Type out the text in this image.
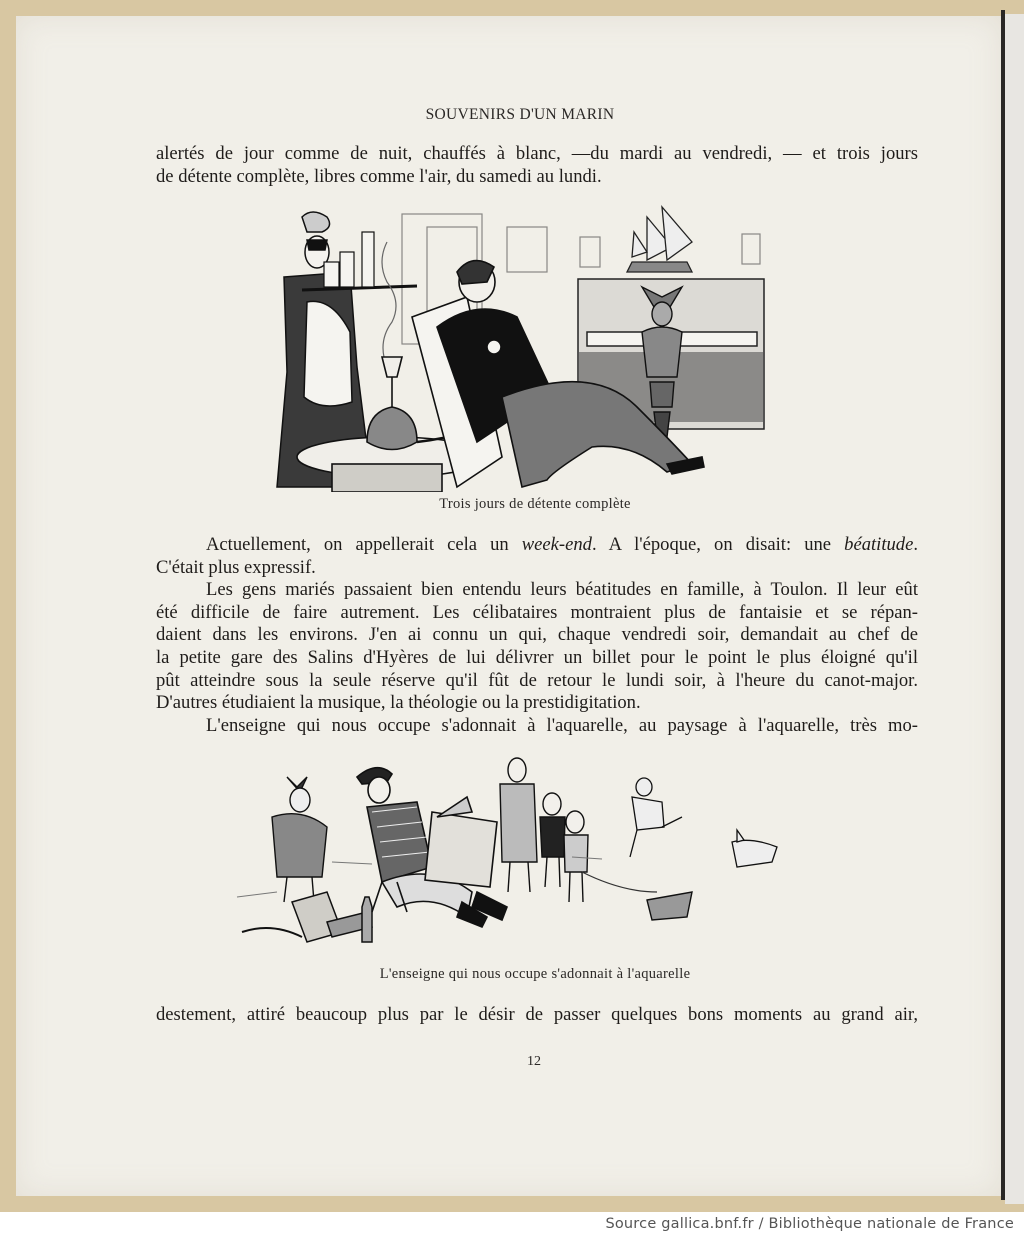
SOUVENIRS D'UN MARIN
alertés de jour comme de nuit, chauffés à blanc, —du mardi au vendredi, — et trois jours
de détente complète, libres comme l'air, du samedi au lundi.
Trois jours de détente complète
Actuellement, on appellerait cela un week-end. A l'époque, on disait: une béatitude.
C'était plus expressif.
Les gens mariés passaient bien entendu leurs béatitudes en famille, à Toulon. Il leur eût
été difficile de faire autrement. Les célibataires montraient plus de fantaisie et se répan-
daient dans les environs. J'en ai connu un qui, chaque vendredi soir, demandait au chef de
la petite gare des Salins d'Hyères de lui délivrer un billet pour le point le plus éloigné qu'il
pût atteindre sous la seule réserve qu'il fût de retour le lundi soir, à l'heure du canot-major.
D'autres étudiaient la musique, la théologie ou la prestidigitation.
L'enseigne qui nous occupe s'adonnait à l'aquarelle, au paysage à l'aquarelle, très mo-
L'enseigne qui nous occupe s'adonnait à l'aquarelle
destement, attiré beaucoup plus par le désir de passer quelques bons moments au grand air,
12
Source gallica.bnf.fr / Bibliothèque nationale de France
